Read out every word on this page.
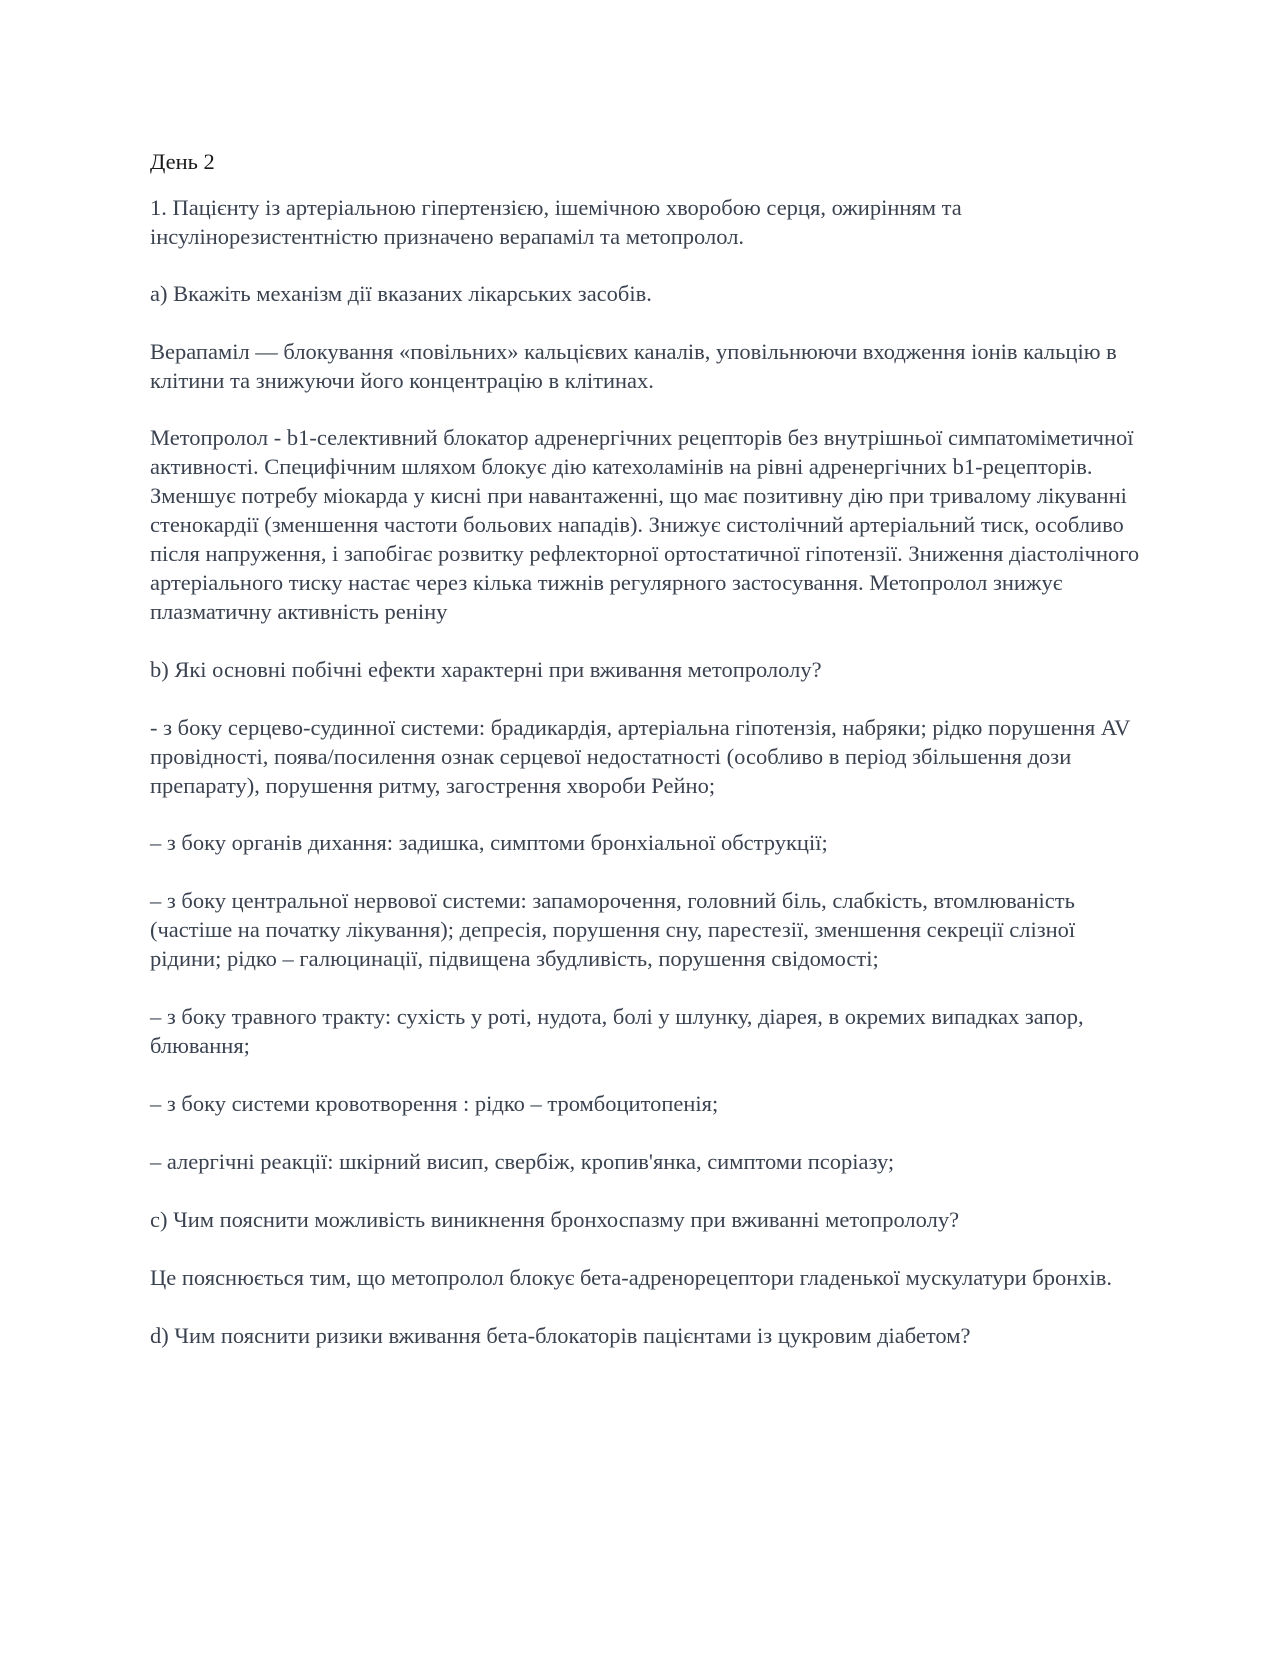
День 2

1. Пацієнту із артеріальною гіпертензією, ішемічною хворобою серця, ожирінням та інсулінорезистентністю призначено верапаміл та метопролол.

a) Вкажіть механізм дії вказаних лікарських засобів.

Верапаміл — блокування «повільних» кальцієвих каналів, уповільнюючи входження іонів кальцію в клітини та знижуючи його концентрацію в клітинах.

Метопролол - b1-селективний блокатор адренергічних рецепторів без внутрішньої симпатоміметичної активності. Специфічним шляхом блокує дію катехоламінів на рівні адренергічних b1-рецепторів. Зменшує потребу міокарда у кисні при навантаженні, що має позитивну дію при тривалому лікуванні стенокардії (зменшення частоти больових нападів). Знижує систолічний артеріальний тиск, особливо після напруження, і запобігає розвитку рефлекторної ортостатичної гіпотензії. Зниження діастолічного артеріального тиску настає через кілька тижнів регулярного застосування. Метопролол знижує плазматичну активність реніну

b) Які основні побічні ефекти характерні при вживання метопрололу?

- з боку серцево-судинної системи: брадикардія, артеріальна гіпотензія, набряки; рідко порушення AV провідності, поява/посилення ознак серцевої недостатності (особливо в період збільшення дози препарату), порушення ритму, загострення хвороби Рейно;

– з боку органів дихання: задишка, симптоми бронхіальної обструкції;

– з боку центральної нервової системи: запаморочення, головний біль, слабкість, втомлюваність (частіше на початку лікування); депресія, порушення сну, парестезії, зменшення секреції слізної рідини; рідко – галюцинації, підвищена збудливість, порушення свідомості;

– з боку травного тракту: сухість у роті, нудота, болі у шлунку, діарея, в окремих випадках запор, блювання;

– з боку системи кровотворення : рідко – тромбоцитопенія;

– алергічні реакції: шкірний висип, свербіж, кропив'янка, симптоми псоріазу;

c) Чим пояснити можливість виникнення бронхоспазму при вживанні метопрололу?

Це пояснюється тим, що метопролол блокує бета-адренорецептори гладенької мускулатури бронхів.

d) Чим пояснити ризики вживання бета-блокаторів пацієнтами із цукровим діабетом?
